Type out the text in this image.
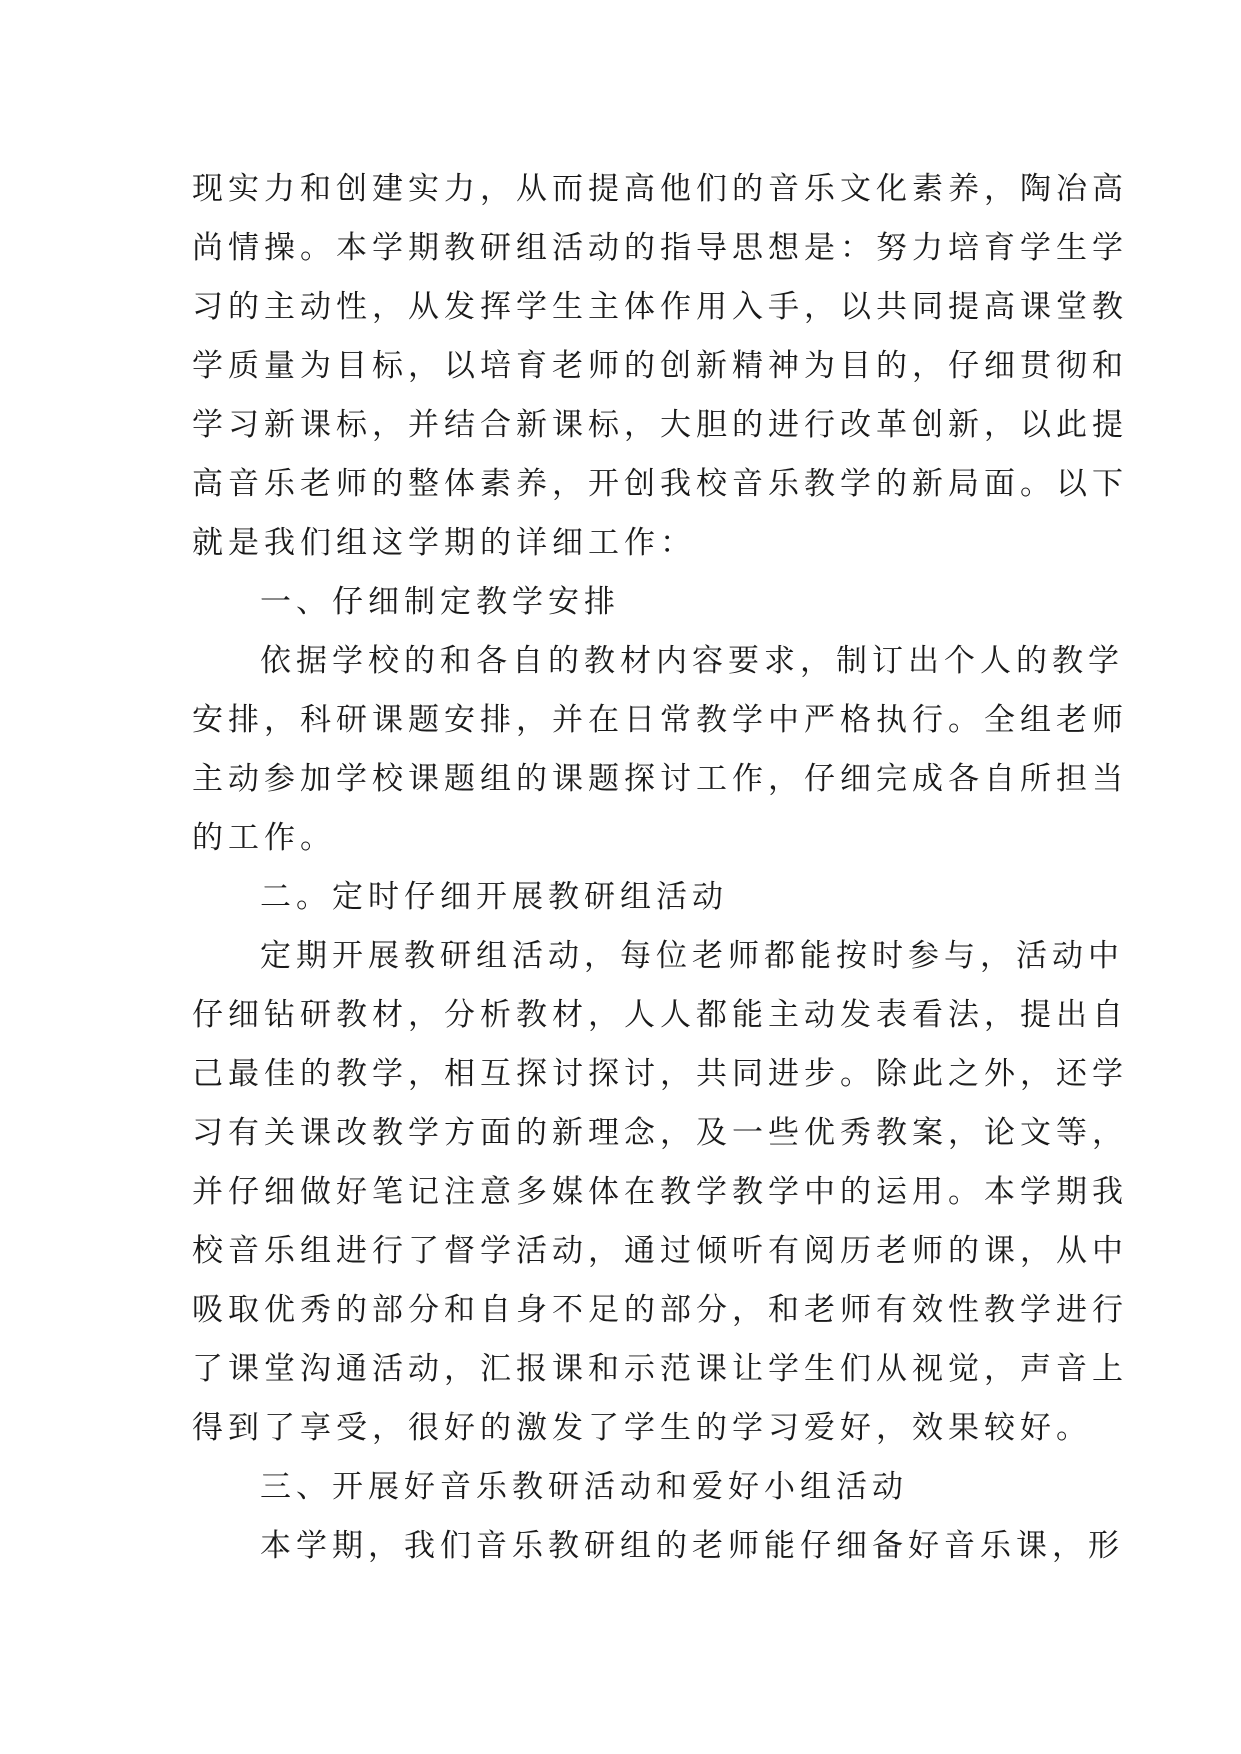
现实力和创建实力，从而提高他们的音乐文化素养，陶冶高
尚情操。本学期教研组活动的指导思想是：努力培育学生学
习的主动性，从发挥学生主体作用入手，以共同提高课堂教
学质量为目标，以培育老师的创新精神为目的，仔细贯彻和
学习新课标，并结合新课标，大胆的进行改革创新，以此提
高音乐老师的整体素养，开创我校音乐教学的新局面。以下
就是我们组这学期的详细工作：
一、仔细制定教学安排
依据学校的和各自的教材内容要求，制订出个人的教学
安排，科研课题安排，并在日常教学中严格执行。全组老师
主动参加学校课题组的课题探讨工作，仔细完成各自所担当
的工作。
二。定时仔细开展教研组活动
定期开展教研组活动，每位老师都能按时参与，活动中
仔细钻研教材，分析教材，人人都能主动发表看法，提出自
己最佳的教学，相互探讨探讨，共同进步。除此之外，还学
习有关课改教学方面的新理念，及一些优秀教案，论文等，
并仔细做好笔记注意多媒体在教学教学中的运用。本学期我
校音乐组进行了督学活动，通过倾听有阅历老师的课，从中
吸取优秀的部分和自身不足的部分，和老师有效性教学进行
了课堂沟通活动，汇报课和示范课让学生们从视觉，声音上
得到了享受，很好的激发了学生的学习爱好，效果较好。
三、开展好音乐教研活动和爱好小组活动
本学期，我们音乐教研组的老师能仔细备好音乐课，形
